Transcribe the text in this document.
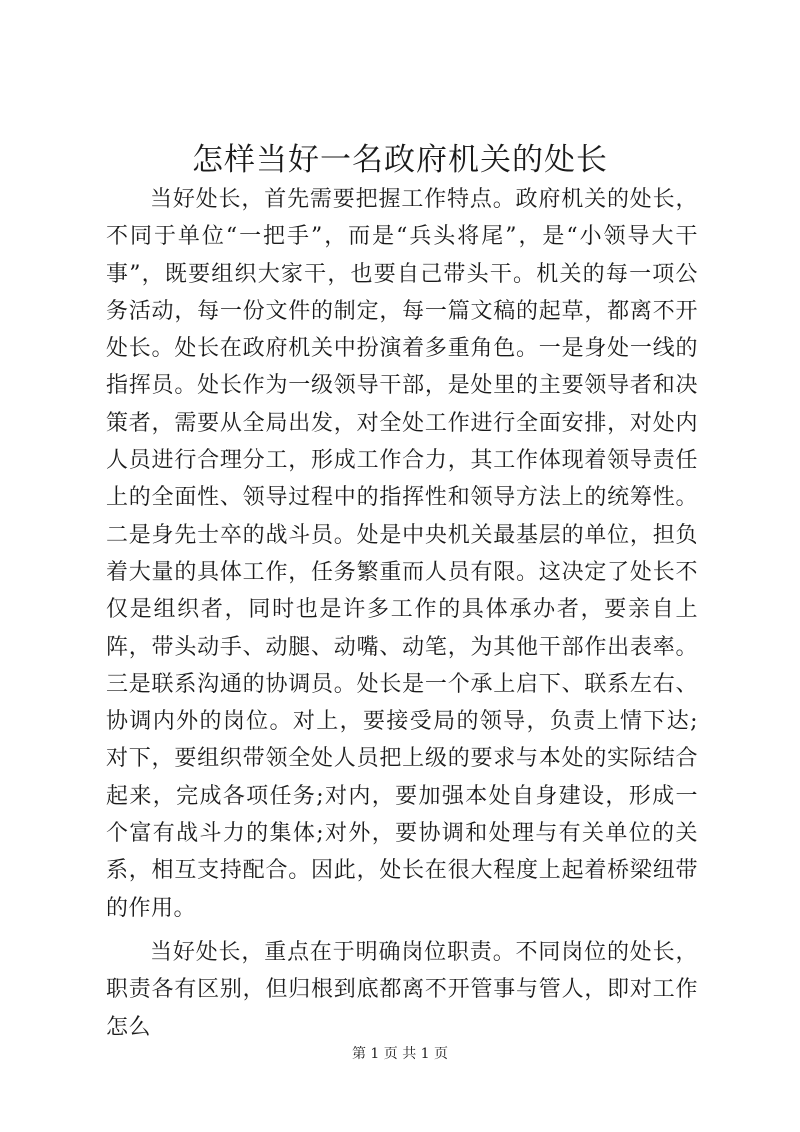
怎样当好一名政府机关的处长

当好处长，首先需要把握工作特点。政府机关的处长，不同于单位“一把手”，而是“兵头将尾”，是“小领导大干事”，既要组织大家干，也要自己带头干。机关的每一项公务活动，每一份文件的制定，每一篇文稿的起草，都离不开处长。处长在政府机关中扮演着多重角色。一是身处一线的指挥员。处长作为一级领导干部，是处里的主要领导者和决策者，需要从全局出发，对全处工作进行全面安排，对处内人员进行合理分工，形成工作合力，其工作体现着领导责任上的全面性、领导过程中的指挥性和领导方法上的统筹性。二是身先士卒的战斗员。处是中央机关最基层的单位，担负着大量的具体工作，任务繁重而人员有限。这决定了处长不仅是组织者，同时也是许多工作的具体承办者，要亲自上阵，带头动手、动腿、动嘴、动笔，为其他干部作出表率。三是联系沟通的协调员。处长是一个承上启下、联系左右、协调内外的岗位。对上，要接受局的领导，负责上情下达;对下，要组织带领全处人员把上级的要求与本处的实际结合起来，完成各项任务;对内，要加强本处自身建设，形成一个富有战斗力的集体;对外，要协调和处理与有关单位的关系，相互支持配合。因此，处长在很大程度上起着桥梁纽带的作用。

当好处长，重点在于明确岗位职责。不同岗位的处长，职责各有区别，但归根到底都离不开管事与管人，即对工作怎么

第 1 页 共 1 页
